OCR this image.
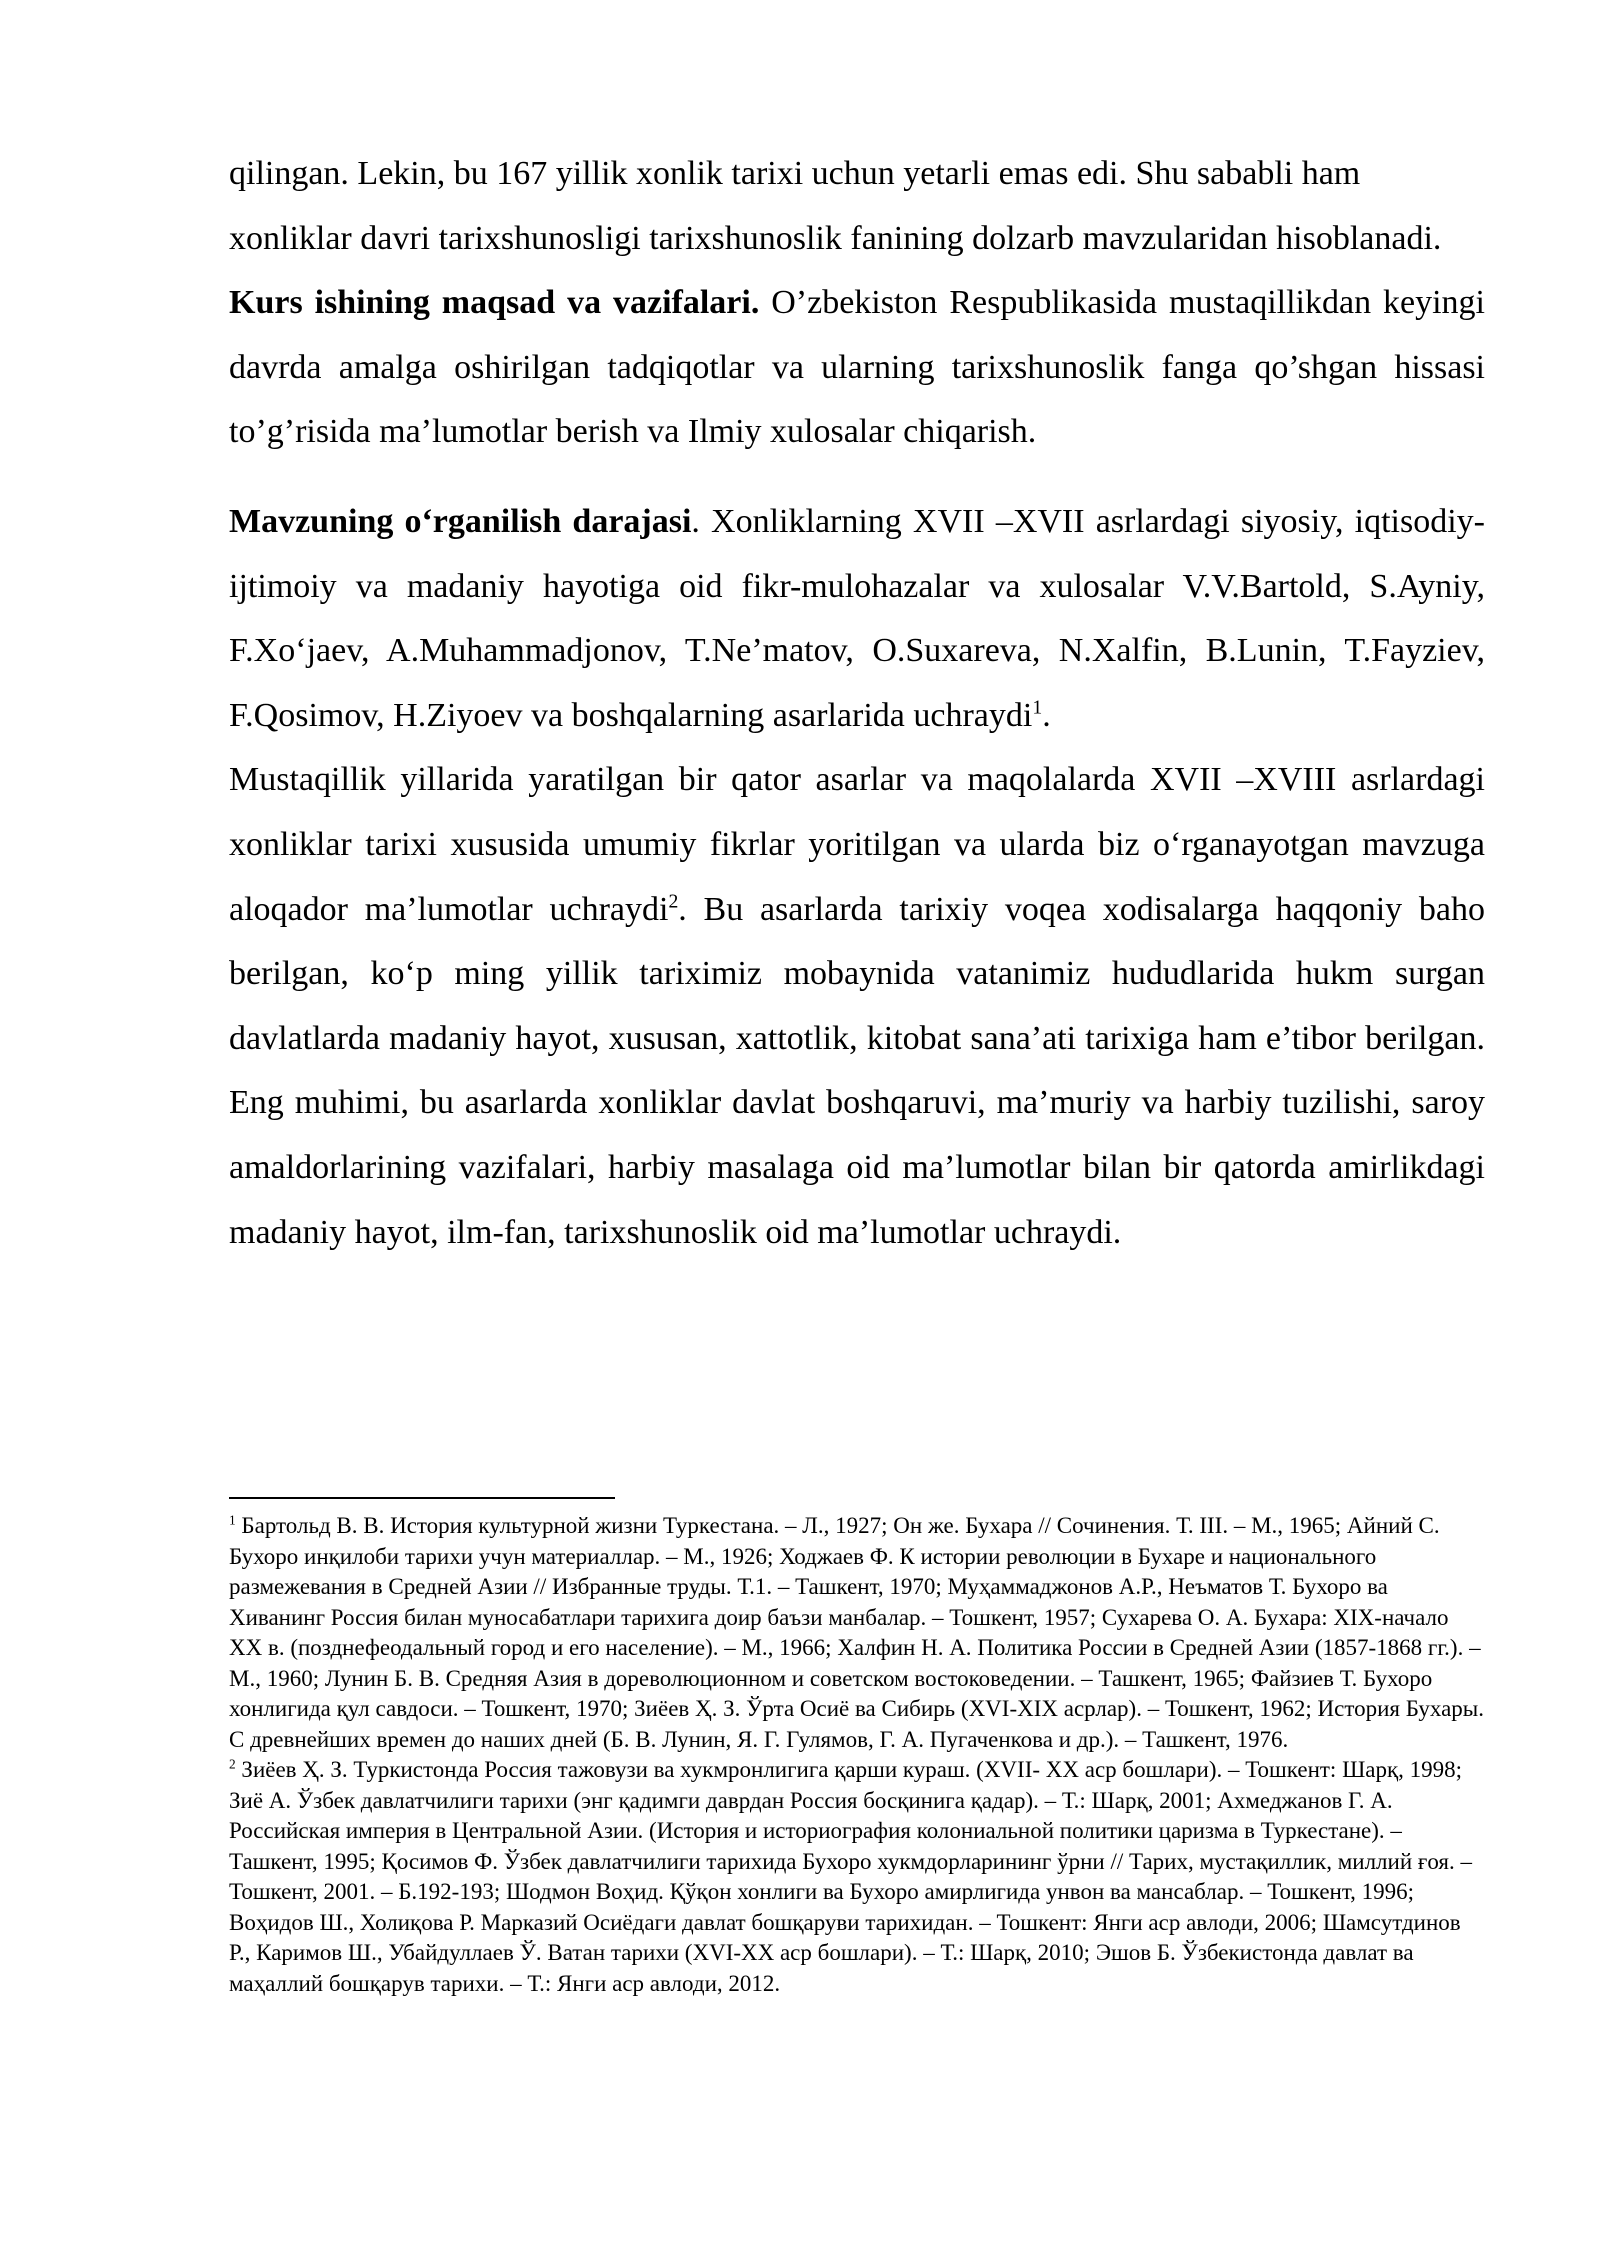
qilingan. Lekin, bu 167 yillik xonlik tarixi uchun yetarli emas edi. Shu sababli ham xonliklar davri tarixshunosligi tarixshunoslik fanining dolzarb mavzularidan hisoblanadi.

Kurs ishining maqsad va vazifalari. O’zbekiston Respublikasida mustaqillikdan keyingi davrda amalga oshirilgan tadqiqotlar va ularning tarixshunoslik fanga qo’shgan hissasi to’g’risida ma’lumotlar berish va Ilmiy xulosalar chiqarish.

Mavzuning oʻrganilish darajasi. Xonliklarning XVII –XVII asrlardagi siyosiy, iqtisodiy-ijtimoiy va madaniy hayotiga oid fikr-mulohazalar va xulosalar V.V.Bartold, S.Ayniy, F.Xoʻjaev, A.Muhammadjonov, T.Ne’matov, O.Suxareva, N.Xalfin, B.Lunin, T.Fayziev, F.Qosimov, H.Ziyoev va boshqalarning asarlarida uchraydi$^1$.

Mustaqillik yillarida yaratilgan bir qator asarlar va maqolalarda XVII –XVIII asrlardagi xonliklar tarixi xususida umumiy fikrlar yoritilgan va ularda biz oʻrganayotgan mavzuga aloqador ma’lumotlar uchraydi$^2$. Bu asarlarda tarixiy voqea xodisalarga haqqoniy baho berilgan, koʻp ming yillik tariximiz mobaynida vatanimiz hududlarida hukm surgan davlatlarda madaniy hayot, xususan, xattotlik, kitobat sana’ati tarixiga ham e’tibor berilgan. Eng muhimi, bu asarlarda xonliklar davlat boshqaruvi, ma’muriy va harbiy tuzilishi, saroy amaldorlarining vazifalari, harbiy masalaga oid ma’lumotlar bilan bir qatorda amirlikdagi madaniy hayot, ilm-fan, tarixshunoslik oid ma’lumotlar uchraydi.

$^1$ Бартольд В. В. История культурной жизни Туркестана. – Л., 1927; Он же. Бухара // Сочинения. Т. III. – М., 1965; Айний С. Бухоро инқилоби тарихи учун материаллар. – М., 1926; Ходжаев Ф. К истории революции в Бухаре и национального размежевания в Средней Азии // Избранные труды. Т.1. – Ташкент, 1970; Муҳаммаджонов А.Р., Неъматов Т. Бухоро ва Хиванинг Россия билан муносабатлари тарихига доир баъзи манбалар. – Тошкент, 1957; Сухарева О. А. Бухара: XIX-начало XX в. (позднефеодальный город и его население). – М., 1966; Халфин Н. А. Политика России в Средней Азии (1857-1868 гг.). – М., 1960; Лунин Б. В. Средняя Азия в дореволюционном и советском востоковедении. – Ташкент, 1965; Файзиев Т. Бухоро хонлигида қул савдоси. – Тошкент, 1970; Зиёев Ҳ. З. Ўрта Осиё ва Сибирь (XVI-XIX асрлар). – Тошкент, 1962; История Бухары. С древнейших времен до наших дней (Б. В. Лунин, Я. Г. Гулямов, Г. А. Пугаченкова и др.). – Ташкент, 1976.

$^2$ Зиёев Ҳ. З. Туркистонда Россия тажовузи ва хукмронлигига қарши кураш. (XVII- XX аср бошлари). – Тошкент: Шарқ, 1998; Зиё А. Ўзбек давлатчилиги тарихи (энг қадимги даврдан Россия босқинига қадар). – Т.: Шарқ, 2001; Ахмеджанов Г. А. Российская империя в Центральной Азии. (История и историография колониальной политики царизма в Туркестане). – Ташкент, 1995; Қосимов Ф. Ўзбек давлатчилиги тарихида Бухоро хукмдорларининг ўрни // Тарих, мустақиллик, миллий ғоя. – Тошкент, 2001. – Б.192-193; Шодмон Воҳид. Қўқон хонлиги ва Бухоро амирлигида унвон ва мансаблар. – Тошкент, 1996; Воҳидов Ш., Холиқова Р. Марказий Осиёдаги давлат бошқаруви тарихидан. – Тошкент: Янги аср авлоди, 2006; Шамсутдинов Р., Каримов Ш., Убайдуллаев Ў. Ватан тарихи (XVI-XX аср бошлари). – Т.: Шарқ, 2010; Эшов Б. Ўзбекистонда давлат ва маҳаллий бошқарув тарихи. – Т.: Янги аср авлоди, 2012.
